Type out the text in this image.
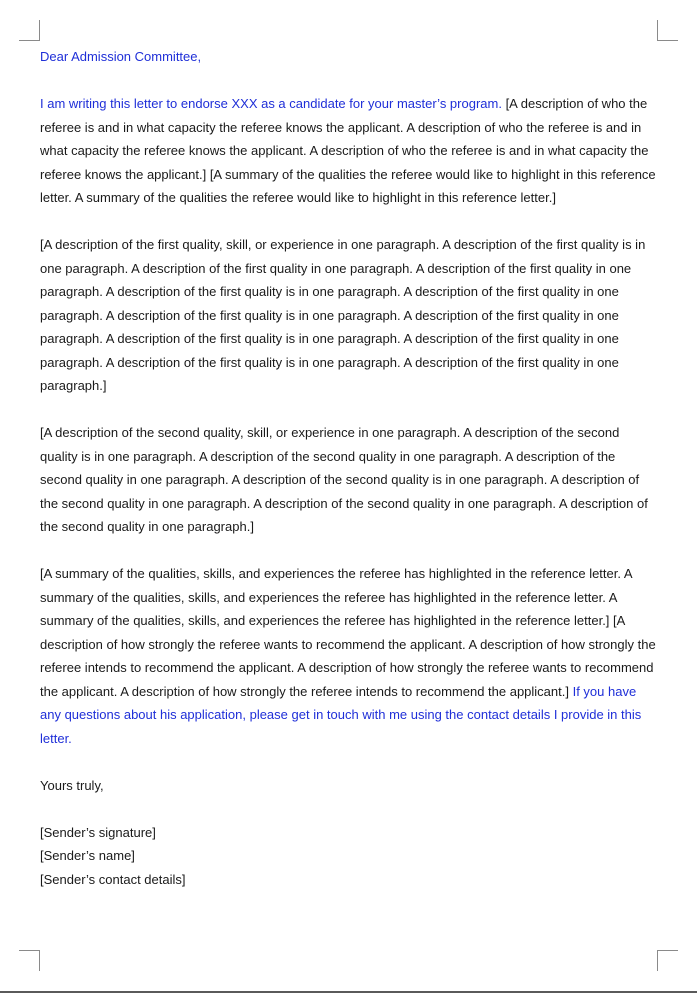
Dear Admission Committee,

I am writing this letter to endorse XXX as a candidate for your master’s program. [A description of who the referee is and in what capacity the referee knows the applicant. A description of who the referee is and in what capacity the referee knows the applicant. A description of who the referee is and in what capacity the referee knows the applicant.] [A summary of the qualities the referee would like to highlight in this reference letter. A summary of the qualities the referee would like to highlight in this reference letter.]

[A description of the first quality, skill, or experience in one paragraph. A description of the first quality is in one paragraph. A description of the first quality in one paragraph. A description of the first quality in one paragraph. A description of the first quality is in one paragraph. A description of the first quality in one paragraph. A description of the first quality is in one paragraph. A description of the first quality in one paragraph. A description of the first quality is in one paragraph. A description of the first quality in one paragraph. A description of the first quality is in one paragraph. A description of the first quality in one paragraph.]

[A description of the second quality, skill, or experience in one paragraph. A description of the second quality is in one paragraph. A description of the second quality in one paragraph. A description of the second quality in one paragraph. A description of the second quality is in one paragraph. A description of the second quality in one paragraph. A description of the second quality in one paragraph. A description of the second quality in one paragraph.]

[A summary of the qualities, skills, and experiences the referee has highlighted in the reference letter. A summary of the qualities, skills, and experiences the referee has highlighted in the reference letter. A summary of the qualities, skills, and experiences the referee has highlighted in the reference letter.] [A description of how strongly the referee wants to recommend the applicant. A description of how strongly the referee intends to recommend the applicant. A description of how strongly the referee wants to recommend the applicant. A description of how strongly the referee intends to recommend the applicant.] If you have any questions about his application, please get in touch with me using the contact details I provide in this letter.

Yours truly,

[Sender’s signature]

[Sender’s name]

[Sender’s contact details]
